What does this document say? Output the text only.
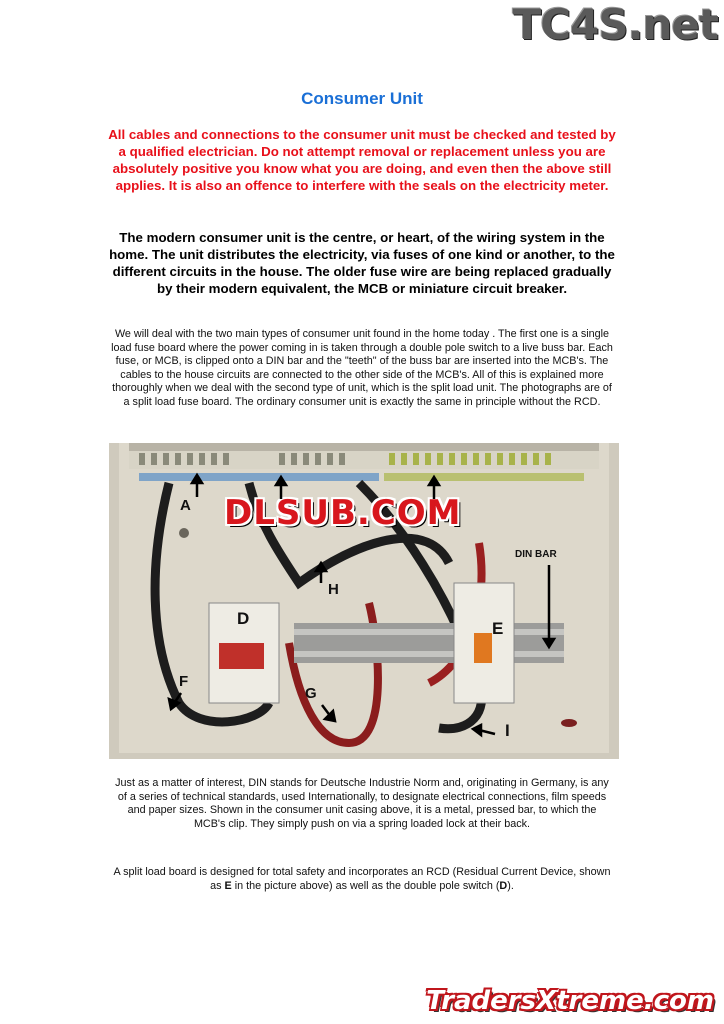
TC4S.net
Consumer Unit

All cables and connections to the consumer unit must be checked and tested by a qualified electrician. Do not attempt removal or replacement unless you are absolutely positive you know what you are doing, and even then the above still applies. It is also an offence to interfere with the seals on the electricity meter.

The modern consumer unit is the centre, or heart, of the wiring system in the home. The unit distributes the electricity, via fuses of one kind or another, to the different circuits in the house. The older fuse wire are being replaced gradually by their modern equivalent, the MCB or miniature circuit breaker.

We will deal with the two main types of consumer unit found in the home today . The first one is a single load fuse board where the power coming in is taken through a double pole switch to a live buss bar. Each fuse, or MCB, is clipped onto a DIN bar and the "teeth" of the buss bar are inserted into the MCB's. The cables to the house circuits are connected to the other side of the MCB's. All of this is explained more thoroughly when we deal with the second type of unit, which is the split load unit. The photographs are of a split load fuse board. The ordinary consumer unit is exactly the same in principle without the RCD.

DLSUB.COM
A
H
D
E
DIN BAR
F
G
I

Just as a matter of interest, DIN stands for Deutsche Industrie Norm and, originating in Germany, is any of a series of technical standards, used Internationally, to designate electrical connections, film speeds and paper sizes. Shown in the consumer unit casing above, it is a metal, pressed bar, to which the MCB's clip. They simply push on via a spring loaded lock at their back.

A split load board is designed for total safety and incorporates an RCD (Residual Current Device, shown as E in the picture above) as well as the double pole switch (D).

TradersXtreme.com
